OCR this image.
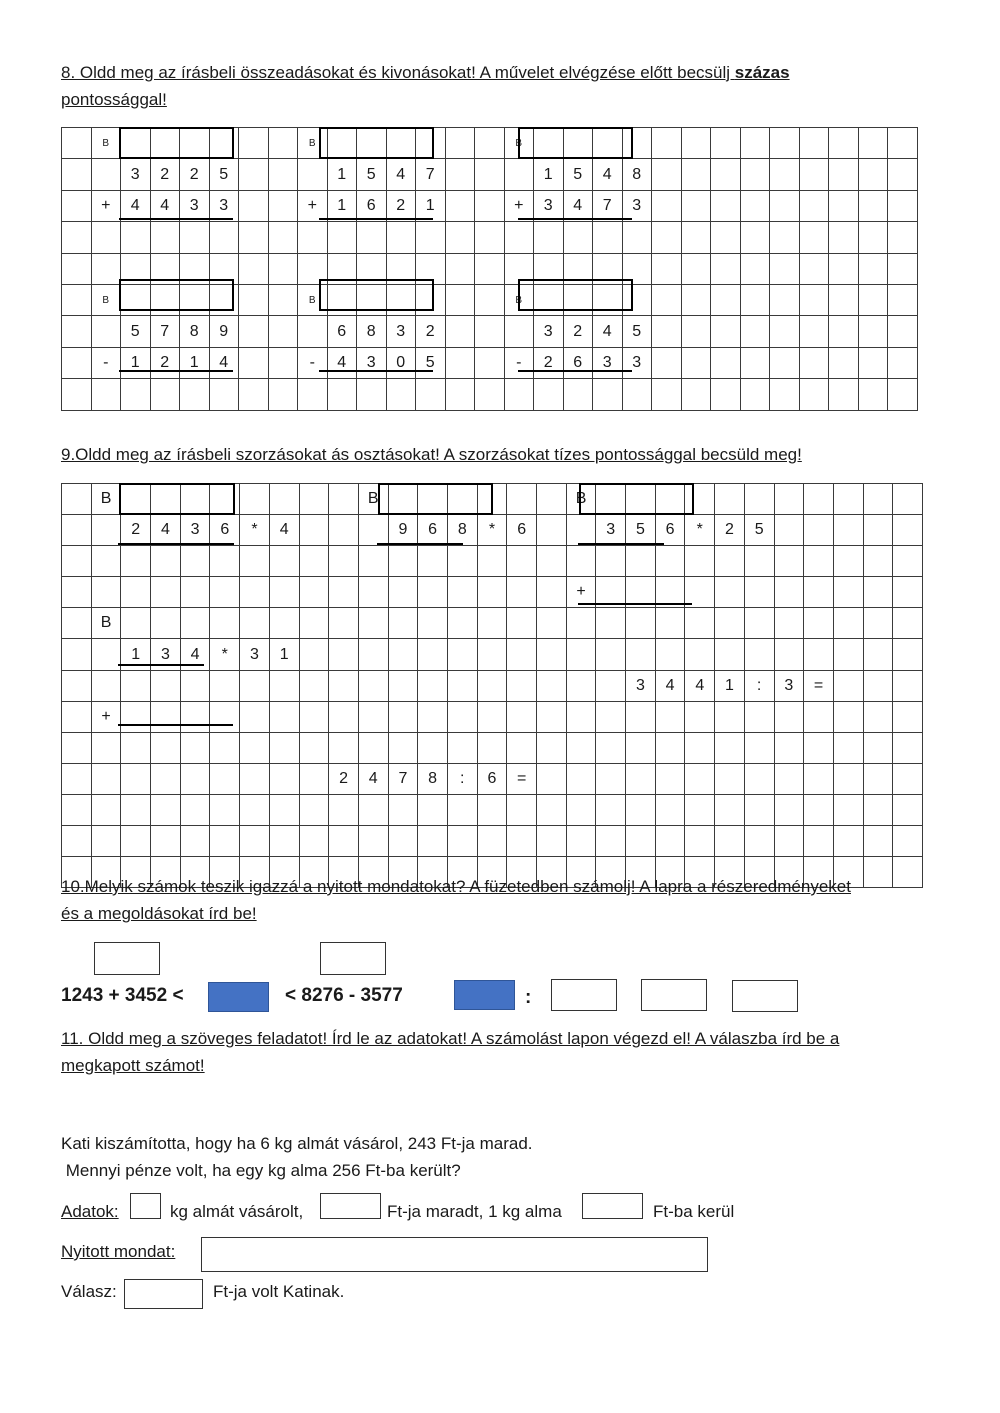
8. Oldd meg az írásbeli összeadásokat és kivonásokat! A művelet elvégzése előtt becsülj százas
pontossággal!
	B							B							B													
		3	2	2	5				1	5	4	7				1	5	4	8									
	+	4	4	3	3			+	1	6	2	1			+	3	4	7	3									

	B							B							B													
		5	7	8	9				6	8	3	2				3	2	4	5									
	-	1	2	1	4			-	4	3	0	5			-	2	6	3	3									

9.Oldd meg az írásbeli szorzásokat ás osztásokat! A szorzásokat tízes pontossággal becsüld meg!
	B									B							B											
		2	4	3	6	*	4				9	6	8	*	6			3	5	6	*	2	5					

																	+											
	B																											
		1	3	4	*	3	1																					
																			3	4	4	1	:	3	=			
	+																											

									2	4	7	8	:	6	=													

10.Melyik számok teszik igazzá a nyitott mondatokat? A füzetedben számolj! A lapra a részeredményeket
és a megoldásokat írd be!
1243 + 3452 <	< 8276 - 3577	:
11. Oldd meg a szöveges feladatot! Írd le az adatokat! A számolást lapon végezd el! A válaszba írd be a
megkapott számot!
Kati kiszámította, hogy ha 6 kg almát vásárol, 243 Ft-ja marad.
Mennyi pénze volt, ha egy kg alma 256 Ft-ba került?
Adatok:	kg almát vásárolt,	Ft-ja maradt, 1 kg alma	Ft-ba kerül
Nyitott mondat:
Válasz:	Ft-ja volt Katinak.
